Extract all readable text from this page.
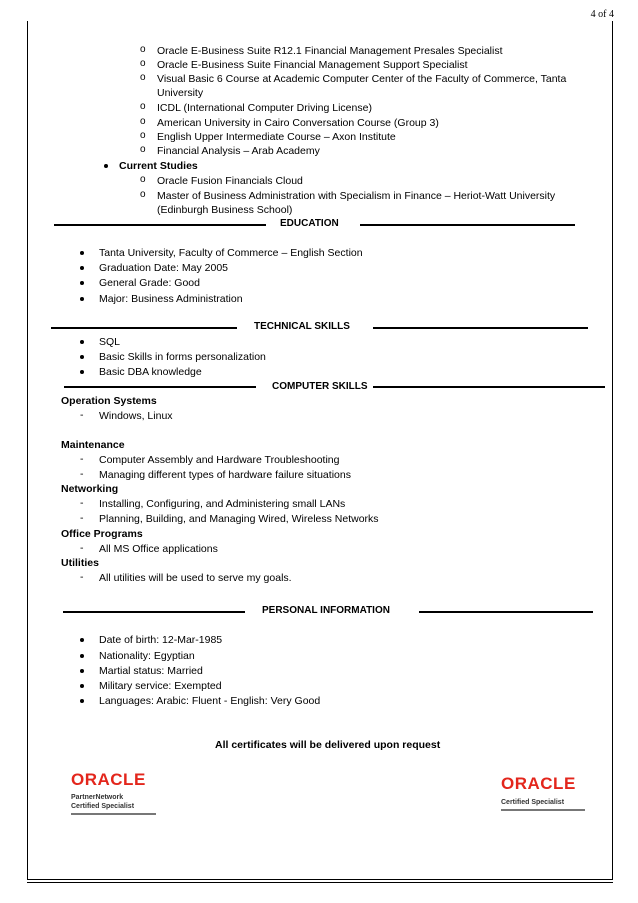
4 of 4
o Oracle E-Business Suite R12.1 Financial Management Presales Specialist
o Oracle E-Business Suite Financial Management Support Specialist
o Visual Basic 6 Course at Academic Computer Center of the Faculty of Commerce, Tanta
University
o ICDL (International Computer Driving License)
o American University in Cairo Conversation Course (Group 3)
o English Upper Intermediate Course – Axon Institute
o Financial Analysis – Arab Academy
Current Studies
o Oracle Fusion Financials Cloud
o Master of Business Administration with Specialism in Finance – Heriot-Watt University
(Edinburgh Business School)
EDUCATION
Tanta University, Faculty of Commerce – English Section
Graduation Date: May 2005
General Grade: Good
Major: Business Administration
TECHNICAL SKILLS
SQL
Basic Skills in forms personalization
Basic DBA knowledge
COMPUTER SKILLS
Operation Systems
- Windows, Linux
Maintenance
- Computer Assembly and Hardware Troubleshooting
- Managing different types of hardware failure situations
Networking
- Installing, Configuring, and Administering small LANs
- Planning, Building, and Managing Wired, Wireless Networks
Office Programs
- All MS Office applications
Utilities
- All utilities will be used to serve my goals.
PERSONAL INFORMATION
Date of birth: 12-Mar-1985
Nationality: Egyptian
Martial status: Married
Military service: Exempted
Languages: Arabic: Fluent - English: Very Good
All certificates will be delivered upon request
ORACLE
PartnerNetwork
Certified Specialist
ORACLE
Certified Specialist
